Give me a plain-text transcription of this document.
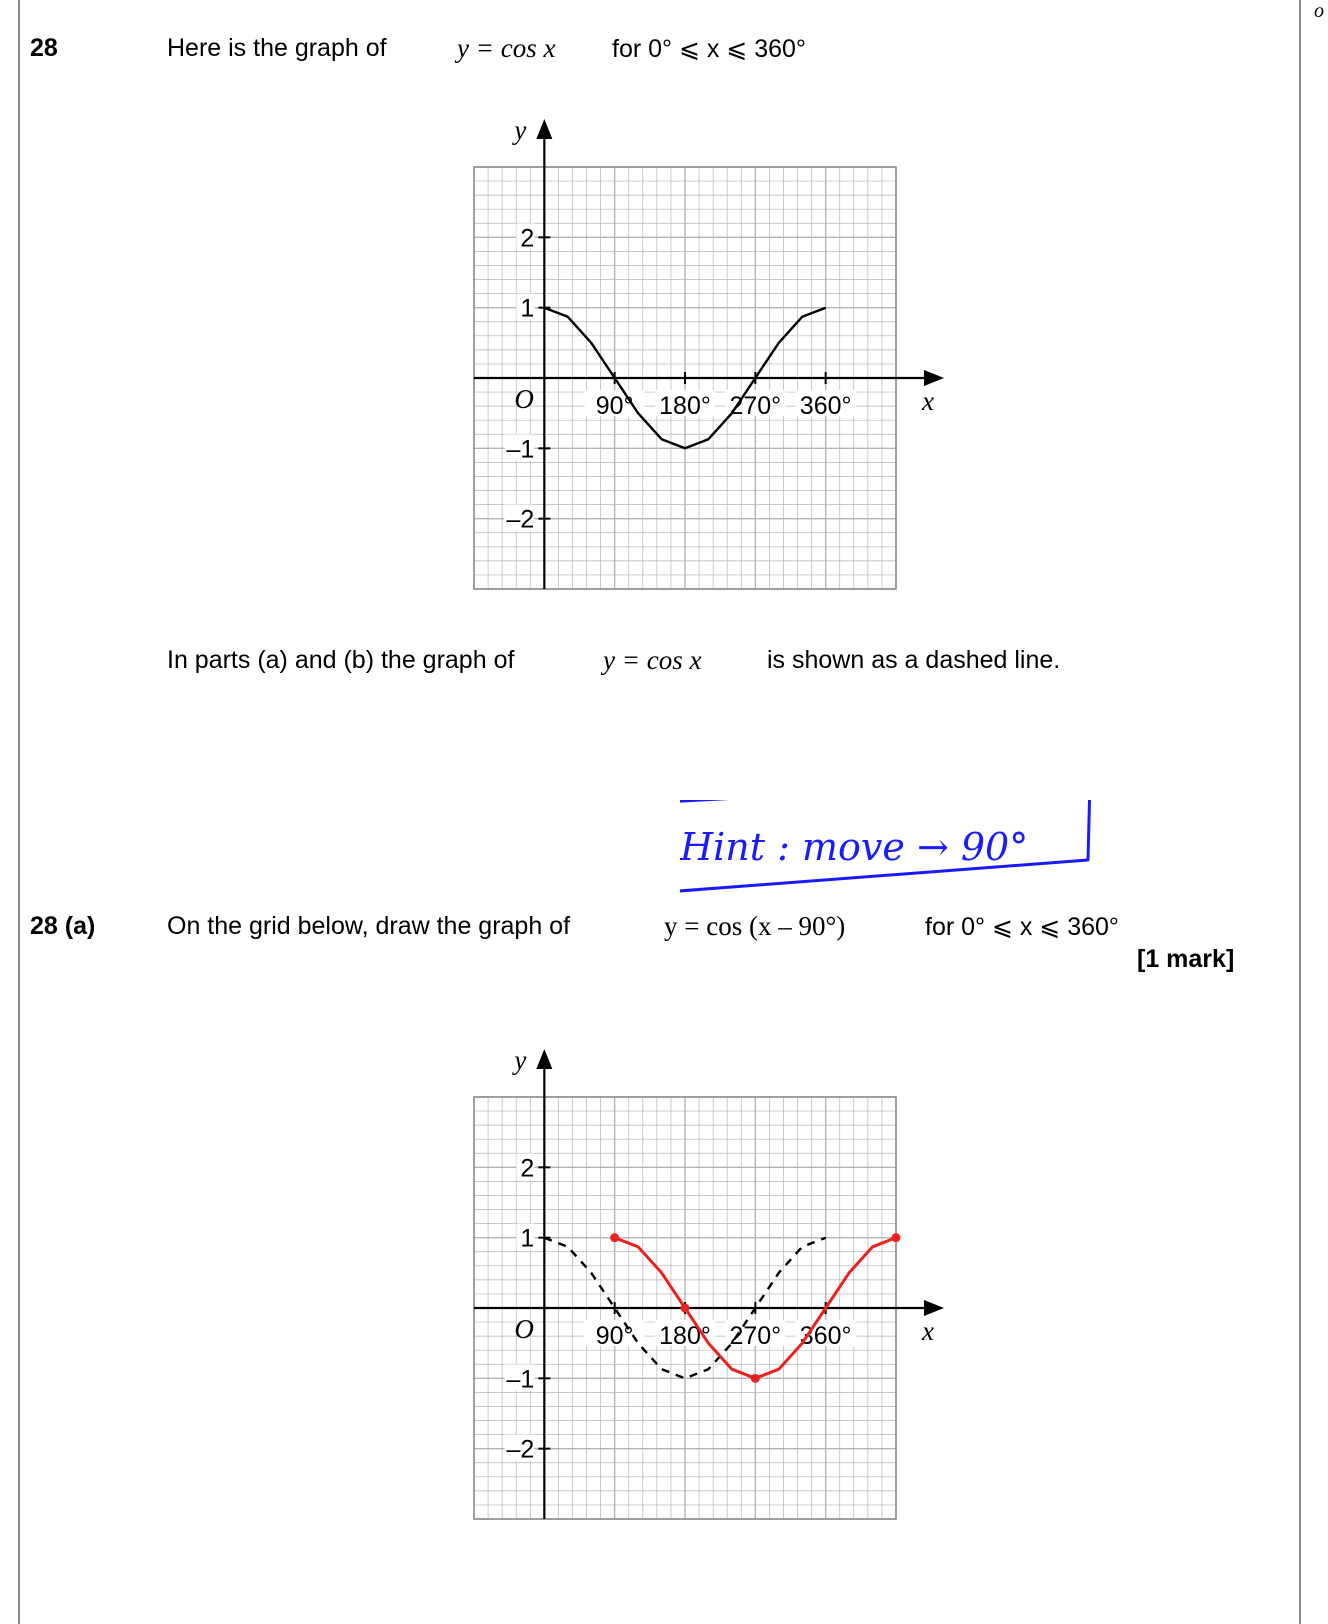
o
28	Here is the graph of	y = cos x for 0° ⩽ x ⩽ 360°
y
x
O
2
1
–1
–2
90° 180° 270° 360°
In parts (a) and (b) the graph of	y = cos x	is shown as a dashed line.
Hint : move → 90°
28 (a)	On the grid below, draw the graph of	y = cos (x – 90°)	for 0° ⩽ x ⩽ 360°
[1 mark]
y
x
O
2
1
–1
–2
90° 180° 270° 360°
